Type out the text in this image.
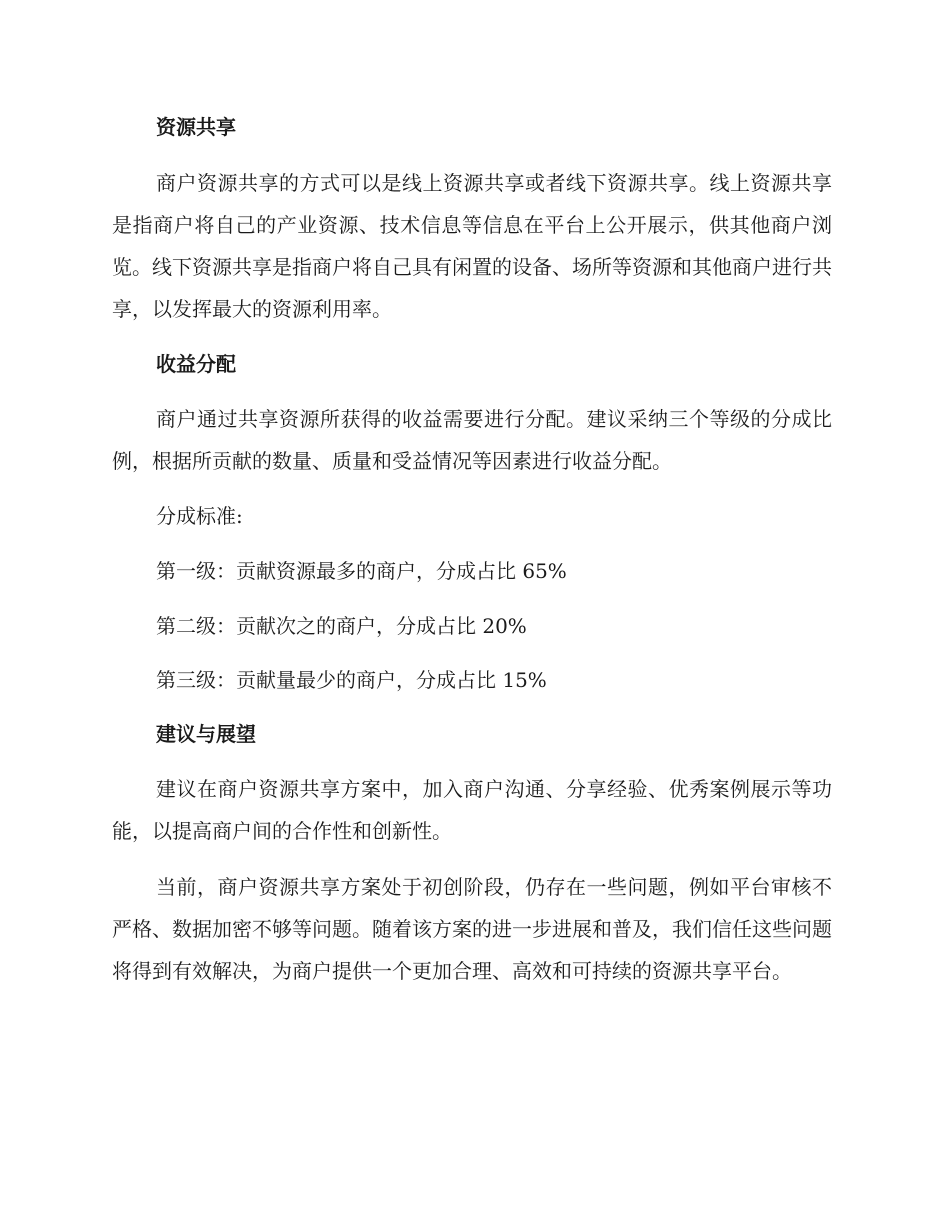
资源共享

商户资源共享的方式可以是线上资源共享或者线下资源共享。线上资源共享是指商户将自己的产业资源、技术信息等信息在平台上公开展示，供其他商户浏览。线下资源共享是指商户将自己具有闲置的设备、场所等资源和其他商户进行共享，以发挥最大的资源利用率。

收益分配

商户通过共享资源所获得的收益需要进行分配。建议采纳三个等级的分成比例，根据所贡献的数量、质量和受益情况等因素进行收益分配。

分成标准:

第一级：贡献资源最多的商户，分成占比 65%

第二级：贡献次之的商户，分成占比 20%

第三级：贡献量最少的商户，分成占比 15%

建议与展望

建议在商户资源共享方案中，加入商户沟通、分享经验、优秀案例展示等功能，以提高商户间的合作性和创新性。

当前，商户资源共享方案处于初创阶段，仍存在一些问题，例如平台审核不严格、数据加密不够等问题。随着该方案的进一步进展和普及，我们信任这些问题将得到有效解决，为商户提供一个更加合理、高效和可持续的资源共享平台。
